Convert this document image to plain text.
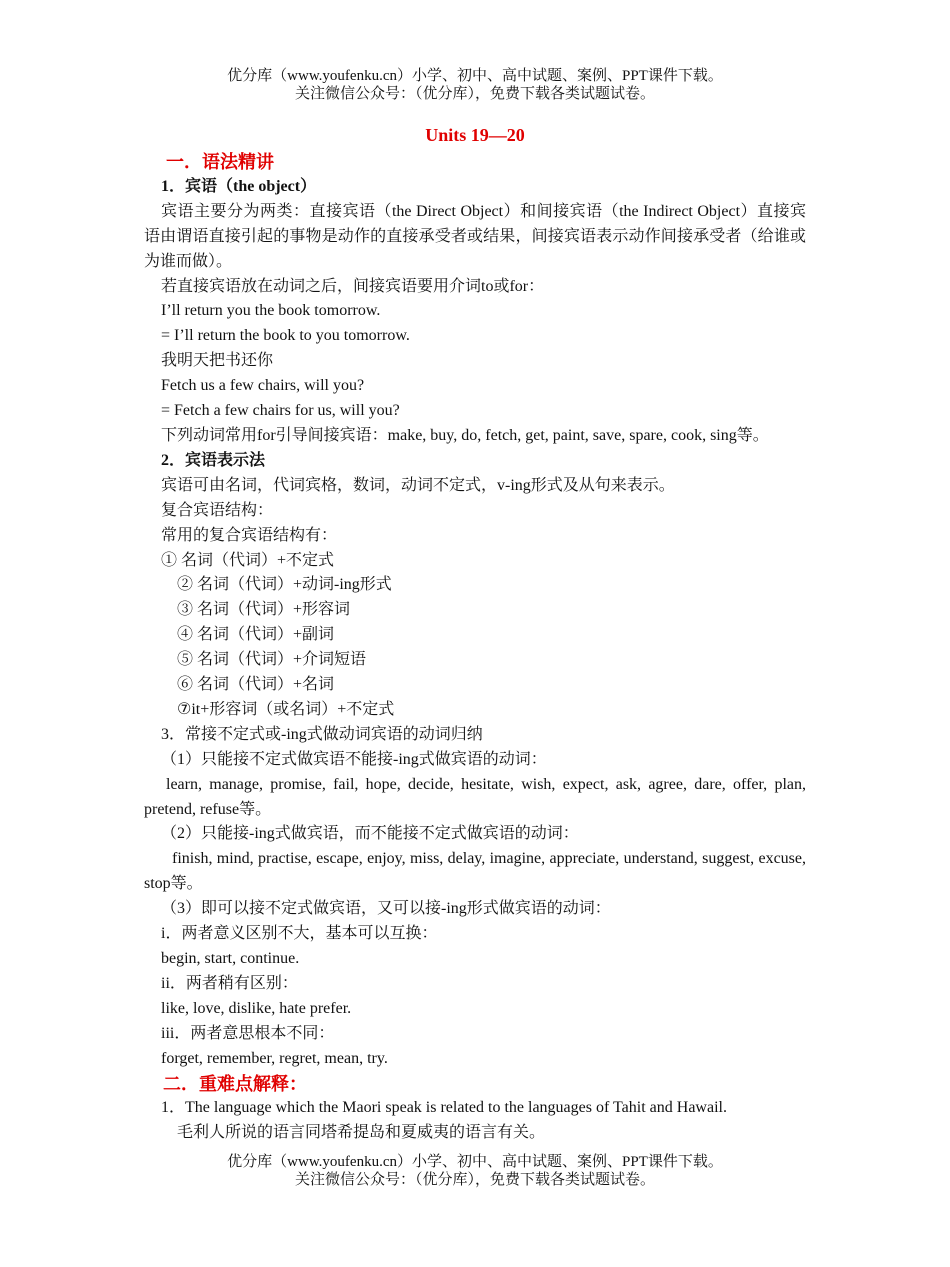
优分库（www.youfenku.cn）小学、初中、高中试题、案例、PPT课件下载。
关注微信公众号：（优分库），免费下载各类试题试卷。
Units 19—20

一．语法精讲

1．宾语（the object）

宾语主要分为两类：直接宾语（the Direct Object）和间接宾语（the Indirect Object）直接宾语由谓语直接引起的事物是动作的直接承受者或结果，间接宾语表示动作间接承受者（给谁或为谁而做）。

若直接宾语放在动词之后，间接宾语要用介词to或for：

I’ll return you the book tomorrow.

= I’ll return the book to you tomorrow.

我明天把书还你

Fetch us a few chairs, will you?

= Fetch a few chairs for us, will you?

下列动词常用for引导间接宾语：make, buy, do, fetch, get, paint, save, spare, cook, sing等。

2．宾语表示法

宾语可由名词，代词宾格，数词，动词不定式，v-ing形式及从句来表示。

复合宾语结构：

常用的复合宾语结构有：

① 名词（代词）+不定式

② 名词（代词）+动词-ing形式

③ 名词（代词）+形容词

④ 名词（代词）+副词

⑤ 名词（代词）+介词短语

⑥ 名词（代词）+名词

⑦it+形容词（或名词）+不定式

3．常接不定式或-ing式做动词宾语的动词归纳

（1）只能接不定式做宾语不能接-ing式做宾语的动词：

learn, manage, promise, fail, hope, decide, hesitate, wish, expect, ask, agree, dare, offer, plan, pretend, refuse等。

（2）只能接-ing式做宾语，而不能接不定式做宾语的动词：

finish, mind, practise, escape, enjoy, miss, delay, imagine, appreciate, understand, suggest, excuse, stop等。

（3）即可以接不定式做宾语，又可以接-ing形式做宾语的动词：

i．两者意义区别不大，基本可以互换：

begin, start, continue.

ii．两者稍有区别：

like, love, dislike, hate prefer.

iii．两者意思根本不同：

forget, remember, regret, mean, try.

二．重难点解释：

1．The language which the Maori speak is related to the languages of Tahit and Hawail.

毛利人所说的语言同塔希提岛和夏威夷的语言有关。

优分库（www.youfenku.cn）小学、初中、高中试题、案例、PPT课件下载。
关注微信公众号：（优分库），免费下载各类试题试卷。
